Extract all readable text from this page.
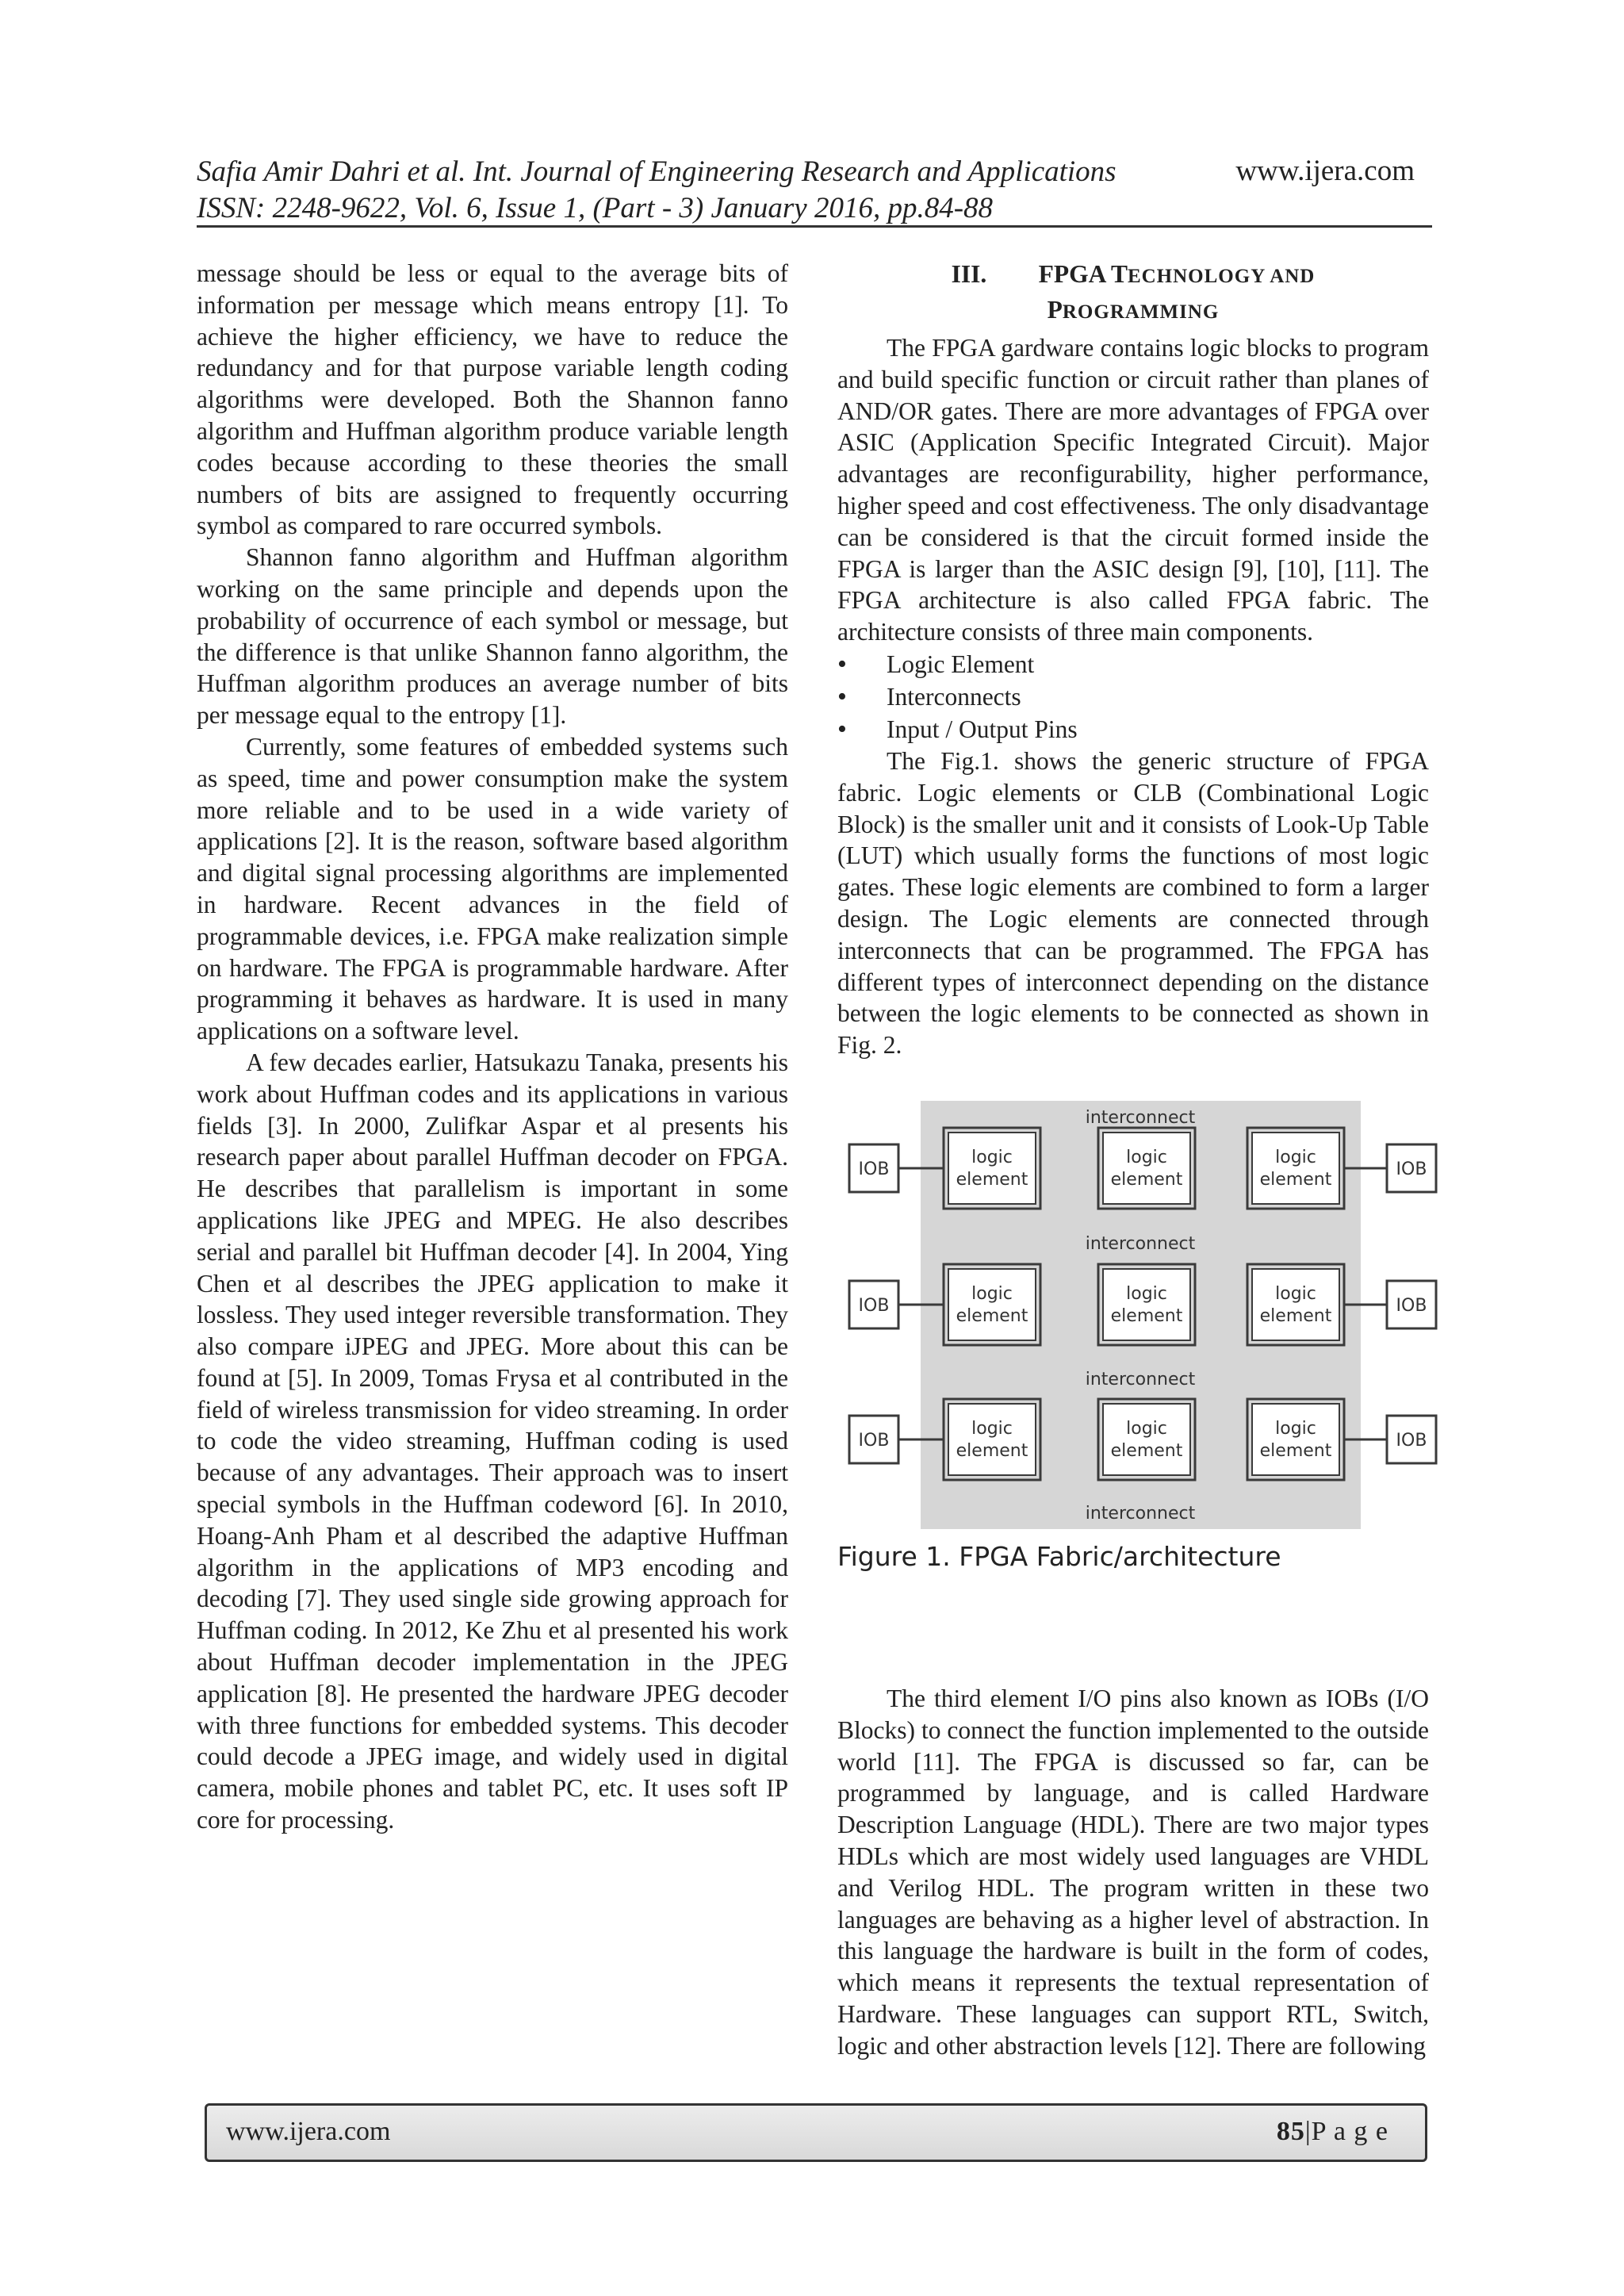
Safia Amir Dahri et al. Int. Journal of Engineering Research and Applications	www.ijera.com
ISSN: 2248-9622, Vol. 6, Issue 1, (Part - 3) January 2016, pp.84-88

message should be less or equal to the average bits of information per message which means entropy [1]. To achieve the higher efficiency, we have to reduce the redundancy and for that purpose variable length coding algorithms were developed. Both the Shannon fanno algorithm and Huffman algorithm produce variable length codes because according to these theories the small numbers of bits are assigned to frequently occurring symbol as compared to rare occurred symbols.

Shannon fanno algorithm and Huffman algorithm working on the same principle and depends upon the probability of occurrence of each symbol or message, but the difference is that unlike Shannon fanno algorithm, the Huffman algorithm produces an average number of bits per message equal to the entropy [1].

Currently, some features of embedded systems such as speed, time and power consumption make the system more reliable and to be used in a wide variety of applications [2]. It is the reason, software based algorithm and digital signal processing algorithms are implemented in hardware. Recent advances in the field of programmable devices, i.e. FPGA make realization simple on hardware. The FPGA is programmable hardware. After programming it behaves as hardware. It is used in many applications on a software level.

A few decades earlier, Hatsukazu Tanaka, presents his work about Huffman codes and its applications in various fields [3]. In 2000, Zulifkar Aspar et al presents his research paper about parallel Huffman decoder on FPGA. He describes that parallelism is important in some applications like JPEG and MPEG. He also describes serial and parallel bit Huffman decoder [4]. In 2004, Ying Chen et al describes the JPEG application to make it lossless. They used integer reversible transformation. They also compare iJPEG and JPEG. More about this can be found at [5]. In 2009, Tomas Frysa et al contributed in the field of wireless transmission for video streaming. In order to code the video streaming, Huffman coding is used because of any advantages. Their approach was to insert special symbols in the Huffman codeword [6]. In 2010, Hoang-Anh Pham et al described the adaptive Huffman algorithm in the applications of MP3 encoding and decoding [7]. They used single side growing approach for Huffman coding. In 2012, Ke Zhu et al presented his work about Huffman decoder implementation in the JPEG application [8]. He presented the hardware JPEG decoder with three functions for embedded systems. This decoder could decode a JPEG image, and widely used in digital camera, mobile phones and tablet PC, etc. It uses soft IP core for processing.

III. FPGA TECHNOLOGY AND
PROGRAMMING

The FPGA gardware contains logic blocks to program and build specific function or circuit rather than planes of AND/OR gates. There are more advantages of FPGA over ASIC (Application Specific Integrated Circuit). Major advantages are reconfigurability, higher performance, higher speed and cost effectiveness. The only disadvantage can be considered is that the circuit formed inside the FPGA is larger than the ASIC design [9], [10], [11]. The FPGA architecture is also called FPGA fabric. The architecture consists of three main components.

• Logic Element
• Interconnects
• Input / Output Pins

The Fig.1. shows the generic structure of FPGA fabric. Logic elements or CLB (Combinational Logic Block) is the smaller unit and it consists of Look-Up Table (LUT) which usually forms the functions of most logic gates. These logic elements are combined to form a larger design. The Logic elements are connected through interconnects that can be programmed. The FPGA has different types of interconnect depending on the distance between the logic elements to be connected as shown in Fig. 2.

interconnect
interconnect
interconnect
interconnect
logic
element
logic
element
logic
element
IOB	IOB
logic
element
logic
element
logic
element
IOB	IOB
logic
element
logic
element
logic
element
IOB	IOB
Figure 1. FPGA Fabric/architecture

The third element I/O pins also known as IOBs (I/O Blocks) to connect the function implemented to the outside world [11]. The FPGA is discussed so far, can be programmed by language, and is called Hardware Description Language (HDL). There are two major types HDLs which are most widely used languages are VHDL and Verilog HDL. The program written in these two languages are behaving as a higher level of abstraction. In this language the hardware is built in the form of codes, which means it represents the textual representation of Hardware. These languages can support RTL, Switch, logic and other abstraction levels [12]. There are following

www.ijera.com	85|P a g e
